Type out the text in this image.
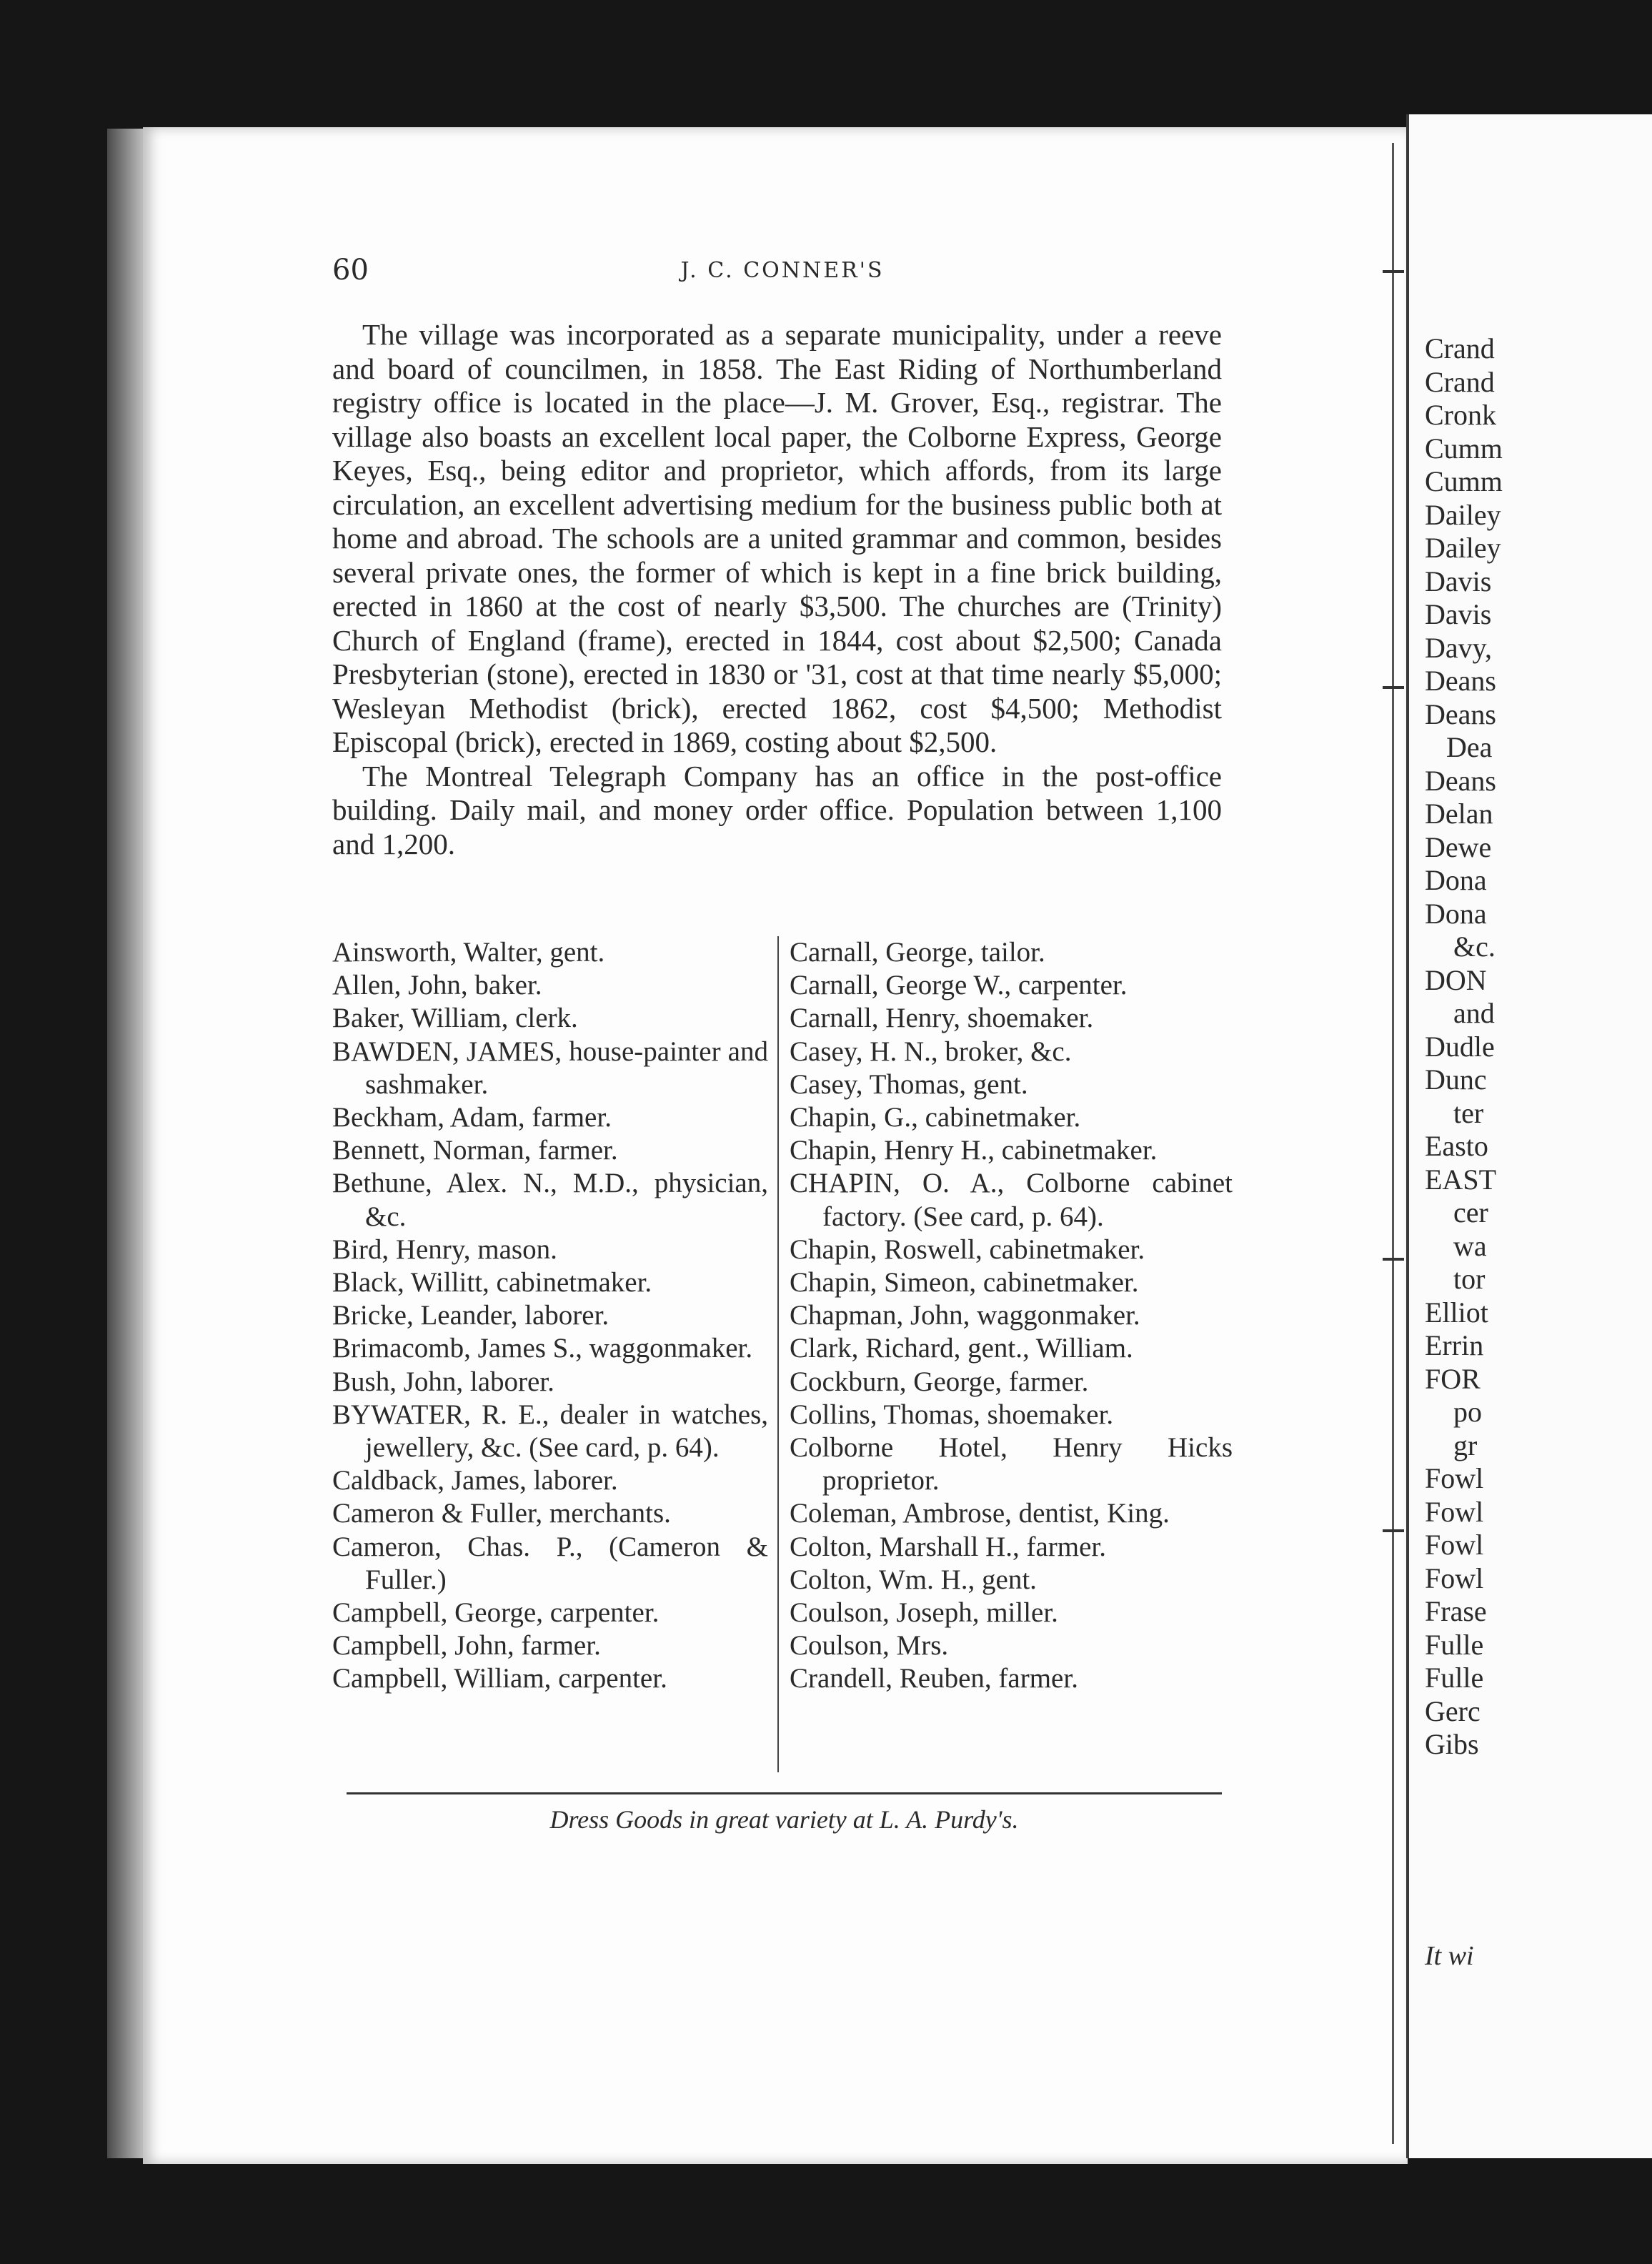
60	J. C. CONNER'S

The village was incorporated as a separate municipality, under a reeve and board of councilmen, in 1858. The East Riding of Northumberland registry office is located in the place—J. M. Grover, Esq., registrar. The village also boasts an excellent local paper, the Colborne Express, George Keyes, Esq., being editor and proprietor, which affords, from its large circulation, an excellent advertising medium for the business public both at home and abroad. The schools are a united grammar and common, besides several private ones, the former of which is kept in a fine brick building, erected in 1860 at the cost of nearly $3,500. The churches are (Trinity) Church of England (frame), erected in 1844, cost about $2,500; Canada Presbyterian (stone), erected in 1830 or '31, cost at that time nearly $5,000; Wesleyan Methodist (brick), erected 1862, cost $4,500; Methodist Episcopal (brick), erected in 1869, costing about $2,500.

The Montreal Telegraph Company has an office in the post-office building. Daily mail, and money order office. Population between 1,100 and 1,200.

Ainsworth, Walter, gent.
Allen, John, baker.
Baker, William, clerk.
BAWDEN, JAMES, house-painter and sashmaker.
Beckham, Adam, farmer.
Bennett, Norman, farmer.
Bethune, Alex. N., M.D., physician, &c.
Bird, Henry, mason.
Black, Willitt, cabinetmaker.
Bricke, Leander, laborer.
Brimacomb, James S., waggonmaker.
Bush, John, laborer.
BYWATER, R. E., dealer in watches, jewellery, &c. (See card, p. 64).
Caldback, James, laborer.
Cameron & Fuller, merchants.
Cameron, Chas. P., (Cameron & Fuller.)
Campbell, George, carpenter.
Campbell, John, farmer.
Campbell, William, carpenter.
Carnall, George, tailor.
Carnall, George W., carpenter.
Carnall, Henry, shoemaker.
Casey, H. N., broker, &c.
Casey, Thomas, gent.
Chapin, G., cabinetmaker.
Chapin, Henry H., cabinetmaker.
CHAPIN, O. A., Colborne cabinet factory. (See card, p. 64).
Chapin, Roswell, cabinetmaker.
Chapin, Simeon, cabinetmaker.
Chapman, John, waggonmaker.
Clark, Richard, gent., William.
Cockburn, George, farmer.
Collins, Thomas, shoemaker.
Colborne Hotel, Henry Hicks proprietor.
Coleman, Ambrose, dentist, King.
Colton, Marshall H., farmer.
Colton, Wm. H., gent.
Coulson, Joseph, miller.
Coulson, Mrs.
Crandell, Reuben, farmer.
Dress Goods in great variety at L. A. Purdy's.
Crand
Crand
Cronk
Cumm
Cumm
Dailey
Dailey
Davis
Davis
Davy,
Deans
Deans
Dea
Deans
Delan
Dewe
Dona
Dona
&c.
DON
and
Dudle
Dunc
ter
Easto
EAST
cer
wa
tor
Elliot
Errin
FOR
po
gr
Fowl
Fowl
Fowl
Fowl
Frase
Fulle
Fulle
Gerc
Gibs
It wi
